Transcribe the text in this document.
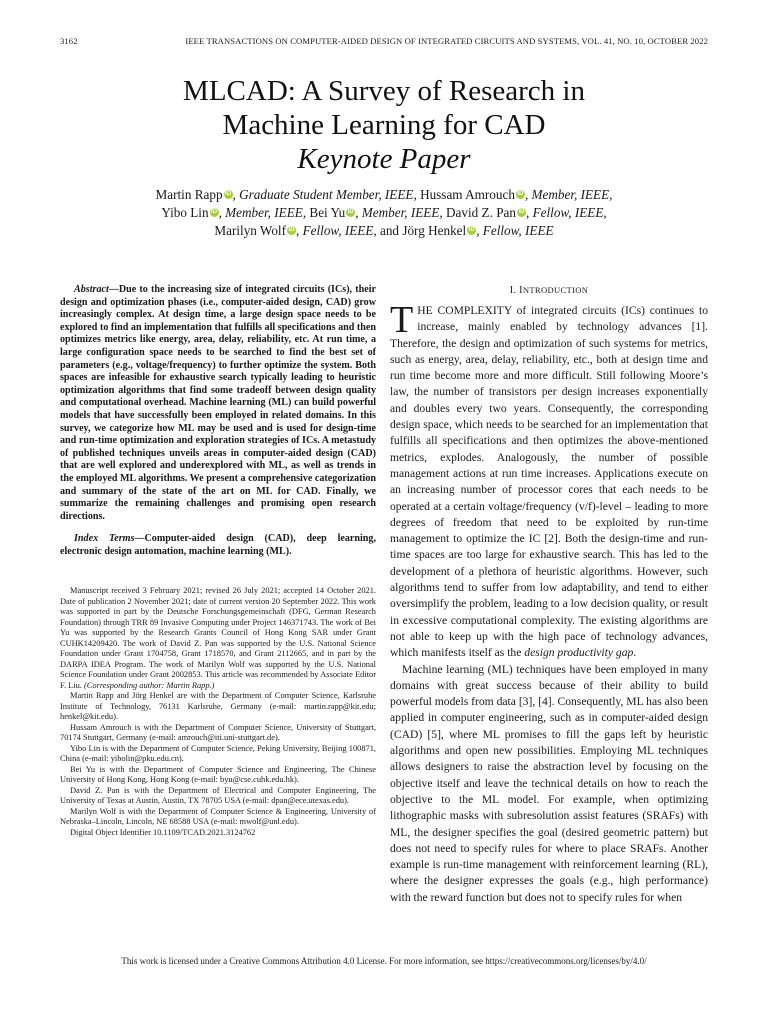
3162	IEEE TRANSACTIONS ON COMPUTER-AIDED DESIGN OF INTEGRATED CIRCUITS AND SYSTEMS, VOL. 41, NO. 10, OCTOBER 2022
MLCAD: A Survey of Research in
Machine Learning for CAD
Keynote Paper
Martin Rapp iD , Graduate Student Member, IEEE, Hussam Amrouch iD , Member, IEEE,
Yibo Lin iD , Member, IEEE, Bei Yu iD , Member, IEEE, David Z. Pan iD , Fellow, IEEE,
Marilyn Wolf iD , Fellow, IEEE, and Jörg Henkel iD , Fellow, IEEE

Abstract—Due to the increasing size of integrated circuits (ICs), their design and optimization phases (i.e., computer-aided design, CAD) grow increasingly complex. At design time, a large design space needs to be explored to find an implementation that fulfills all specifications and then optimizes metrics like energy, area, delay, reliability, etc. At run time, a large configuration space needs to be searched to find the best set of parameters (e.g., voltage/frequency) to further optimize the system. Both spaces are infeasible for exhaustive search typically leading to heuristic optimization algorithms that find some tradeoff between design quality and computational overhead. Machine learning (ML) can build powerful models that have successfully been employed in related domains. In this survey, we categorize how ML may be used and is used for design-time and run-time optimization and exploration strategies of ICs. A metastudy of published techniques unveils areas in computer-aided design (CAD) that are well explored and underexplored with ML, as well as trends in the employed ML algorithms. We present a comprehensive categorization and summary of the state of the art on ML for CAD. Finally, we summarize the remaining challenges and promising open research directions.

Index Terms—Computer-aided design (CAD), deep learning, electronic design automation, machine learning (ML).

Manuscript received 3 February 2021; revised 26 July 2021; accepted 14 October 2021. Date of publication 2 November 2021; date of current version 20 September 2022. This work was supported in part by the Deutsche Forschungsgemeinschaft (DFG, German Research Foundation) through TRR 89 Invasive Computing under Project 146371743. The work of Bei Yu was supported by the Research Grants Council of Hong Kong SAR under Grant CUHK14209420. The work of David Z. Pan was supported by the U.S. National Science Foundation under Grant 1704758, Grant 1718570, and Grant 2112665, and in part by the DARPA IDEA Program. The work of Marilyn Wolf was supported by the U.S. National Science Foundation under Grant 2002853. This article was recommended by Associate Editor F. Liu. (Corresponding author: Martin Rapp.)

Martin Rapp and Jörg Henkel are with the Department of Computer Science, Karlsruhe Institute of Technology, 76131 Karlsruhe, Germany (e-mail: martin.rapp@kit.edu; henkel@kit.edu).

Hussam Amrouch is with the Department of Computer Science, University of Stuttgart, 70174 Stuttgart, Germany (e-mail: amrouch@iti.uni-stuttgart.de).

Yibo Lin is with the Department of Computer Science, Peking University, Beijing 100871, China (e-mail: yibolin@pku.edu.cn).

Bei Yu is with the Department of Computer Science and Engineering, The Chinese University of Hong Kong, Hong Kong (e-mail: byu@cse.cuhk.edu.hk).

David Z. Pan is with the Department of Electrical and Computer Engineering, The University of Texas at Austin, Austin, TX 78705 USA (e-mail: dpan@ece.utexas.edu).

Marilyn Wolf is with the Department of Computer Science & Engineering, University of Nebraska–Lincoln, Lincoln, NE 68588 USA (e-mail: mwolf@unl.edu).

Digital Object Identifier 10.1109/TCAD.2021.3124762

I. INTRODUCTION

THE COMPLEXITY of integrated circuits (ICs) continues to increase, mainly enabled by technology advances [1]. Therefore, the design and optimization of such systems for metrics, such as energy, area, delay, reliability, etc., both at design time and run time become more and more difficult. Still following Moore’s law, the number of transistors per design increases exponentially and doubles every two years. Consequently, the corresponding design space, which needs to be searched for an implementation that fulfills all specifications and then optimizes the above-mentioned metrics, explodes. Analogously, the number of possible management actions at run time increases. Applications execute on an increasing number of processor cores that each needs to be operated at a certain voltage/frequency (v/f)-level – leading to more degrees of freedom that need to be exploited by run-time management to optimize the IC [2]. Both the design-time and run-time spaces are too large for exhaustive search. This has led to the development of a plethora of heuristic algorithms. However, such algorithms tend to suffer from low adaptability, and tend to either oversimplify the problem, leading to a low decision quality, or result in excessive computational complexity. The existing algorithms are not able to keep up with the high pace of technology advances, which manifests itself as the design productivity gap.

Machine learning (ML) techniques have been employed in many domains with great success because of their ability to build powerful models from data [3], [4]. Consequently, ML has also been applied in computer engineering, such as in computer-aided design (CAD) [5], where ML promises to fill the gaps left by heuristic algorithms and open new possibilities. Employing ML techniques allows designers to raise the abstraction level by focusing on the objective itself and leave the technical details on how to reach the objective to the ML model. For example, when optimizing lithographic masks with subresolution assist features (SRAFs) with ML, the designer specifies the goal (desired geometric pattern) but does not need to specify rules for where to place SRAFs. Another example is run-time management with reinforcement learning (RL), where the designer expresses the goals (e.g., high performance) with the reward function but does not to specify rules for when

This work is licensed under a Creative Commons Attribution 4.0 License. For more information, see https://creativecommons.org/licenses/by/4.0/
